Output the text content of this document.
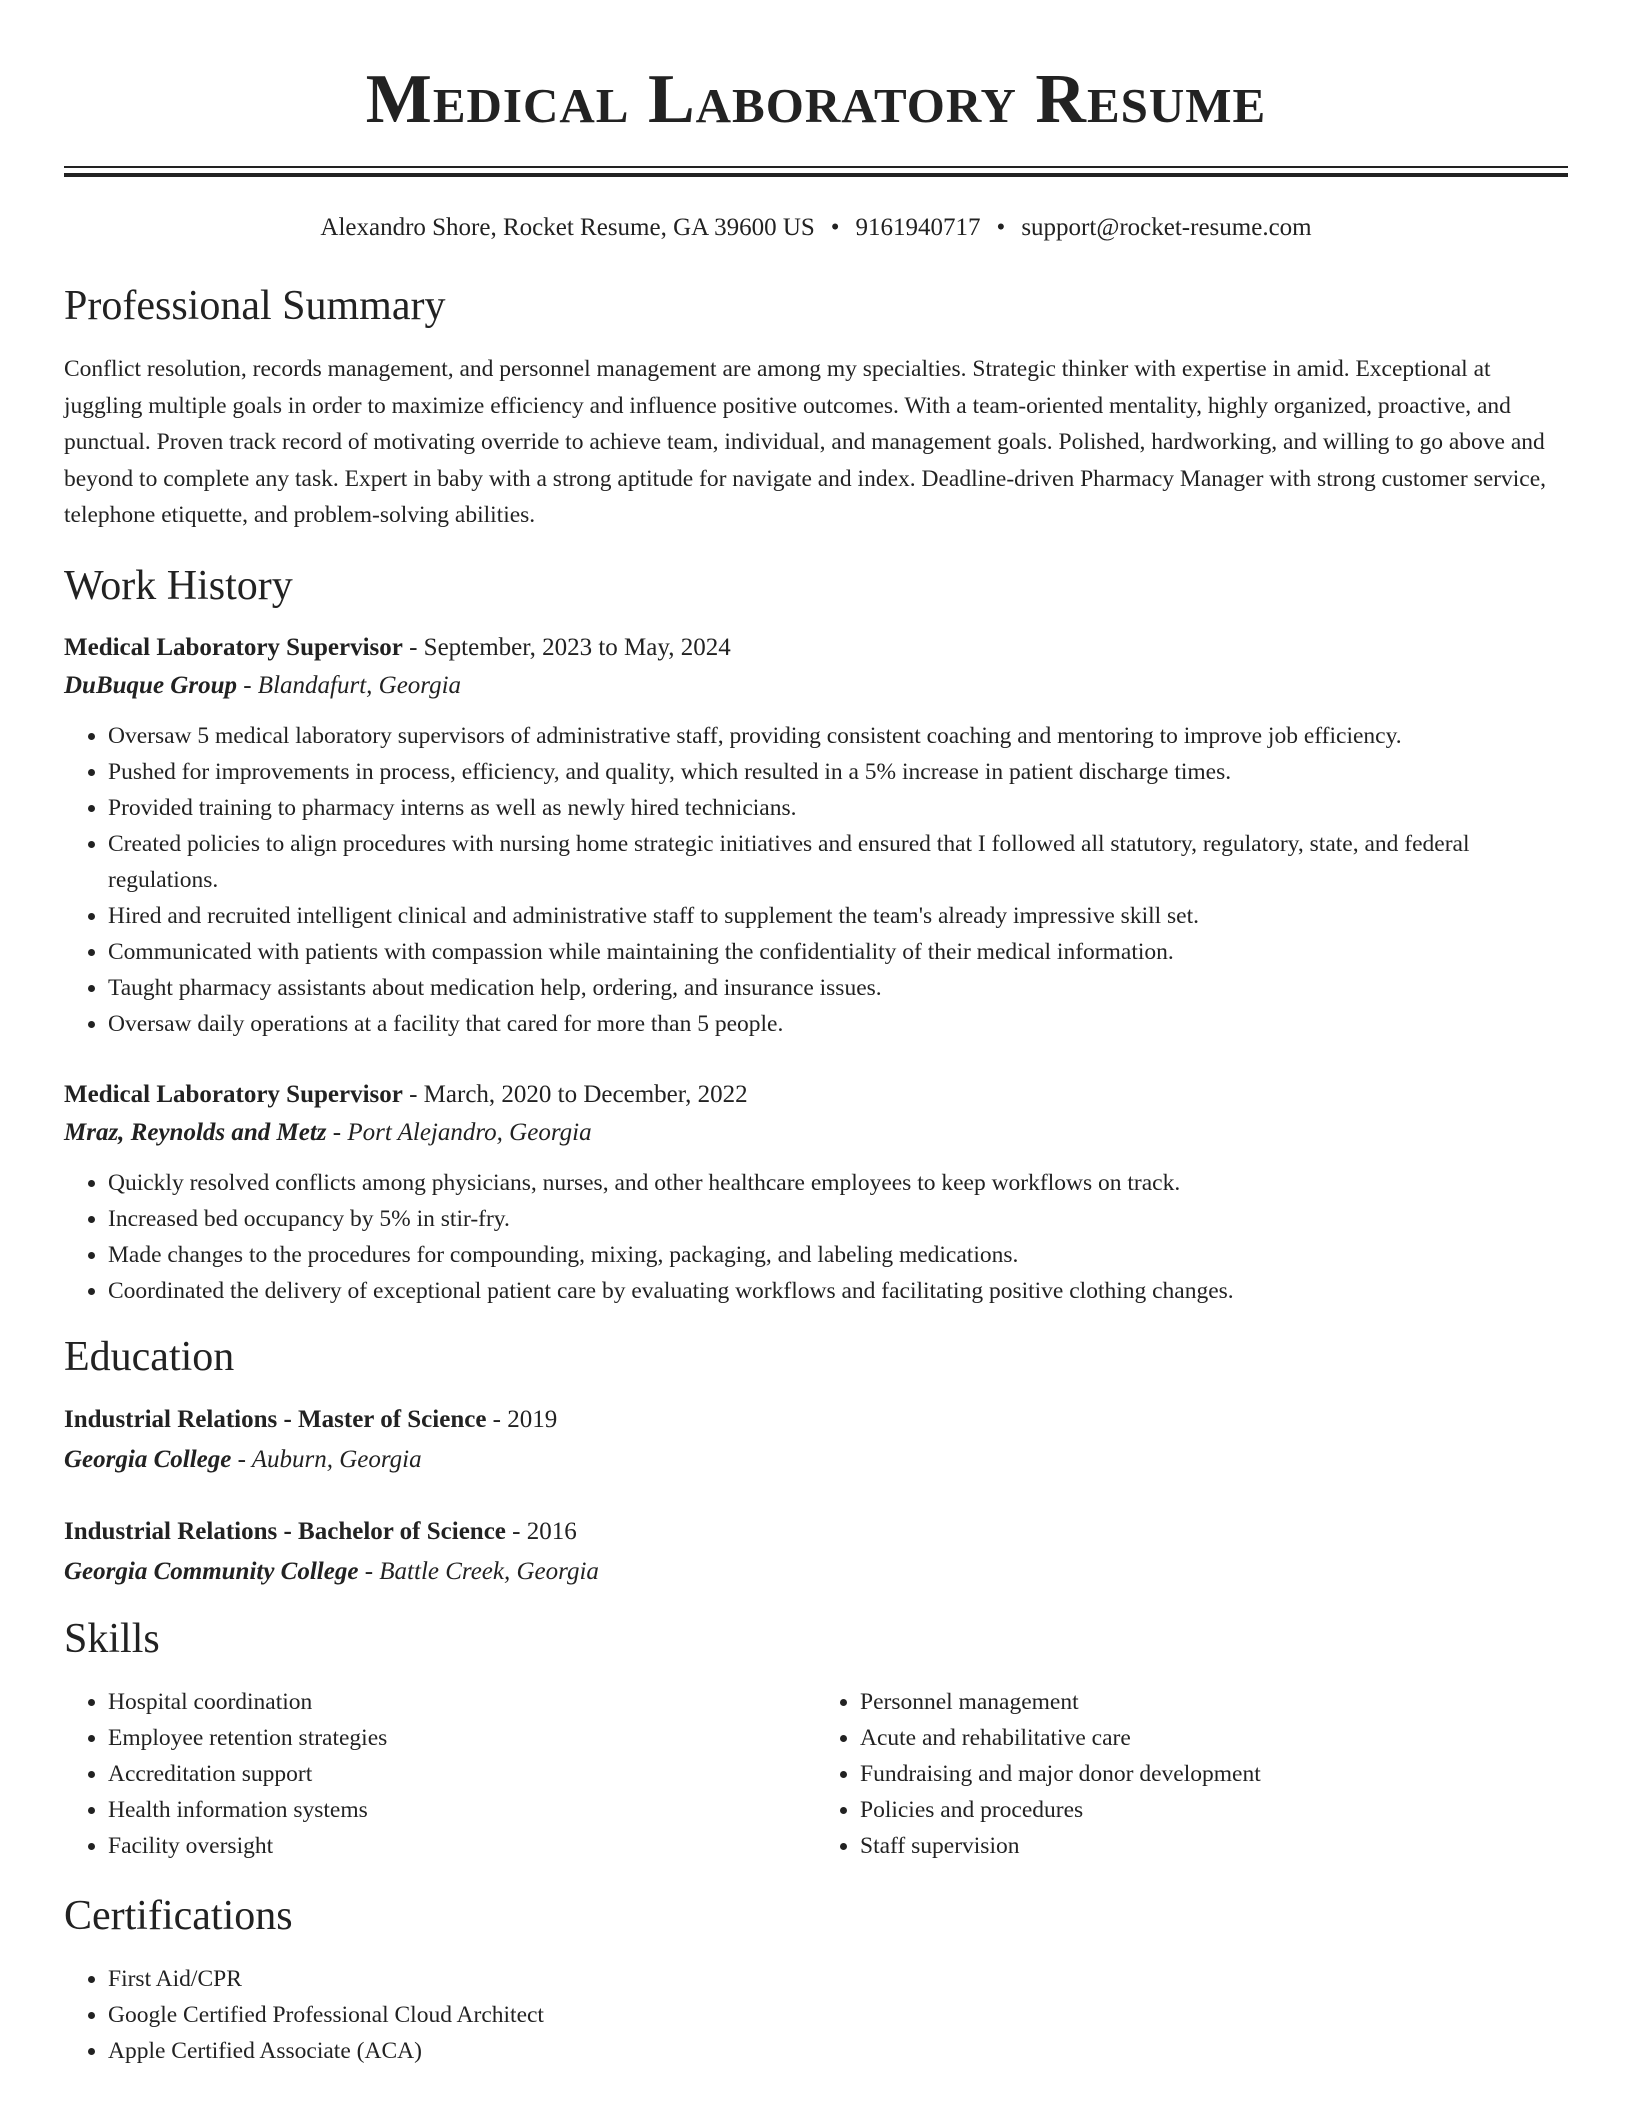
Medical Laboratory Resume
Alexandro Shore, Rocket Resume, GA 39600 US • 9161940717 • support@rocket-resume.com
Professional Summary
Conflict resolution, records management, and personnel management are among my specialties. Strategic thinker with expertise in amid. Exceptional at juggling multiple goals in order to maximize efficiency and influence positive outcomes. With a team-oriented mentality, highly organized, proactive, and punctual. Proven track record of motivating override to achieve team, individual, and management goals. Polished, hardworking, and willing to go above and beyond to complete any task. Expert in baby with a strong aptitude for navigate and index. Deadline-driven Pharmacy Manager with strong customer service, telephone etiquette, and problem-solving abilities.
Work History
Medical Laboratory Supervisor - September, 2023 to May, 2024
DuBuque Group - Blandafurt, Georgia
• Oversaw 5 medical laboratory supervisors of administrative staff, providing consistent coaching and mentoring to improve job efficiency.
• Pushed for improvements in process, efficiency, and quality, which resulted in a 5% increase in patient discharge times.
• Provided training to pharmacy interns as well as newly hired technicians.
• Created policies to align procedures with nursing home strategic initiatives and ensured that I followed all statutory, regulatory, state, and federal regulations.
• Hired and recruited intelligent clinical and administrative staff to supplement the team's already impressive skill set.
• Communicated with patients with compassion while maintaining the confidentiality of their medical information.
• Taught pharmacy assistants about medication help, ordering, and insurance issues.
• Oversaw daily operations at a facility that cared for more than 5 people.
Medical Laboratory Supervisor - March, 2020 to December, 2022
Mraz, Reynolds and Metz - Port Alejandro, Georgia
• Quickly resolved conflicts among physicians, nurses, and other healthcare employees to keep workflows on track.
• Increased bed occupancy by 5% in stir-fry.
• Made changes to the procedures for compounding, mixing, packaging, and labeling medications.
• Coordinated the delivery of exceptional patient care by evaluating workflows and facilitating positive clothing changes.
Education
Industrial Relations - Master of Science - 2019
Georgia College - Auburn, Georgia
Industrial Relations - Bachelor of Science - 2016
Georgia Community College - Battle Creek, Georgia
Skills
• Hospital coordination
• Employee retention strategies
• Accreditation support
• Health information systems
• Facility oversight
• Personnel management
• Acute and rehabilitative care
• Fundraising and major donor development
• Policies and procedures
• Staff supervision
Certifications
• First Aid/CPR
• Google Certified Professional Cloud Architect
• Apple Certified Associate (ACA)
